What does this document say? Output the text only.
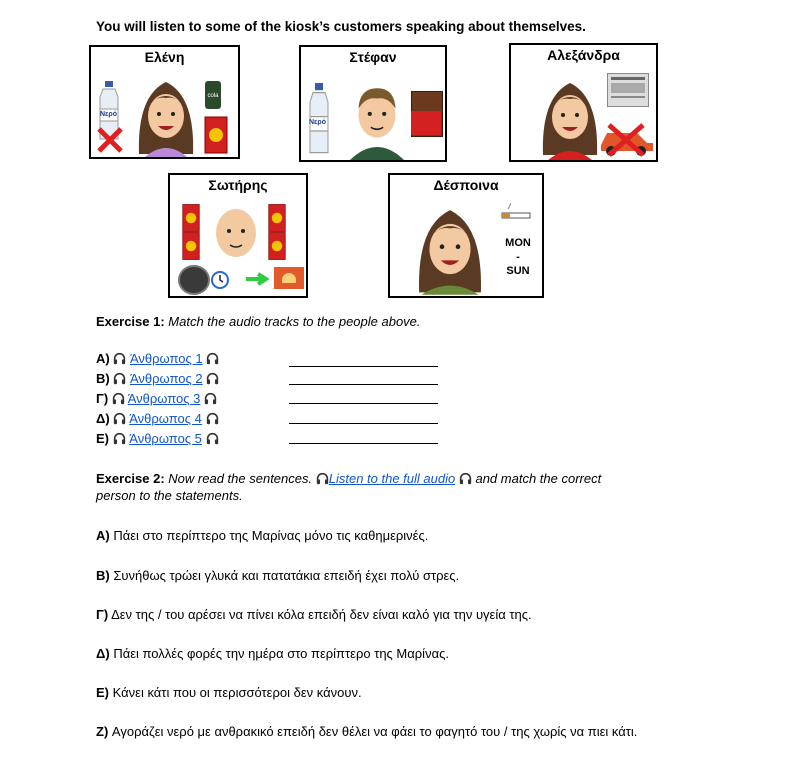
You will listen to some of the kiosk’s customers speaking about themselves.
Ελένη
Νερό
cola
Στέφαν
Νερό
Αλεξάνδρα
Σωτήρης	Δέσποινα
MON
-
SUN
Exercise 1: Match the audio tracks to the people above.
A) Άνθρωπος 1
B) Άνθρωπος 2
Γ) Άνθρωπος 3
Δ) Άνθρωπος 4
E) Άνθρωπος 5
Exercise 2: Now read the sentences. Listen to the full audio and match the correct
person to the statements.
A) Πάει στο περίπτερο της Μαρίνας μόνο τις καθημερινές.
B) Συνήθως τρώει γλυκά και πατατάκια επειδή έχει πολύ στρες.
Γ) Δεν της / του αρέσει να πίνει κόλα επειδή δεν είναι καλό για την υγεία της.
Δ) Πάει πολλές φορές την ημέρα στο περίπτερο της Μαρίνας.
E) Κάνει κάτι που οι περισσότεροι δεν κάνουν.
Z) Αγοράζει νερό με ανθρακικό επειδή δεν θέλει να φάει το φαγητό του / της χωρίς να πιει κάτι.
